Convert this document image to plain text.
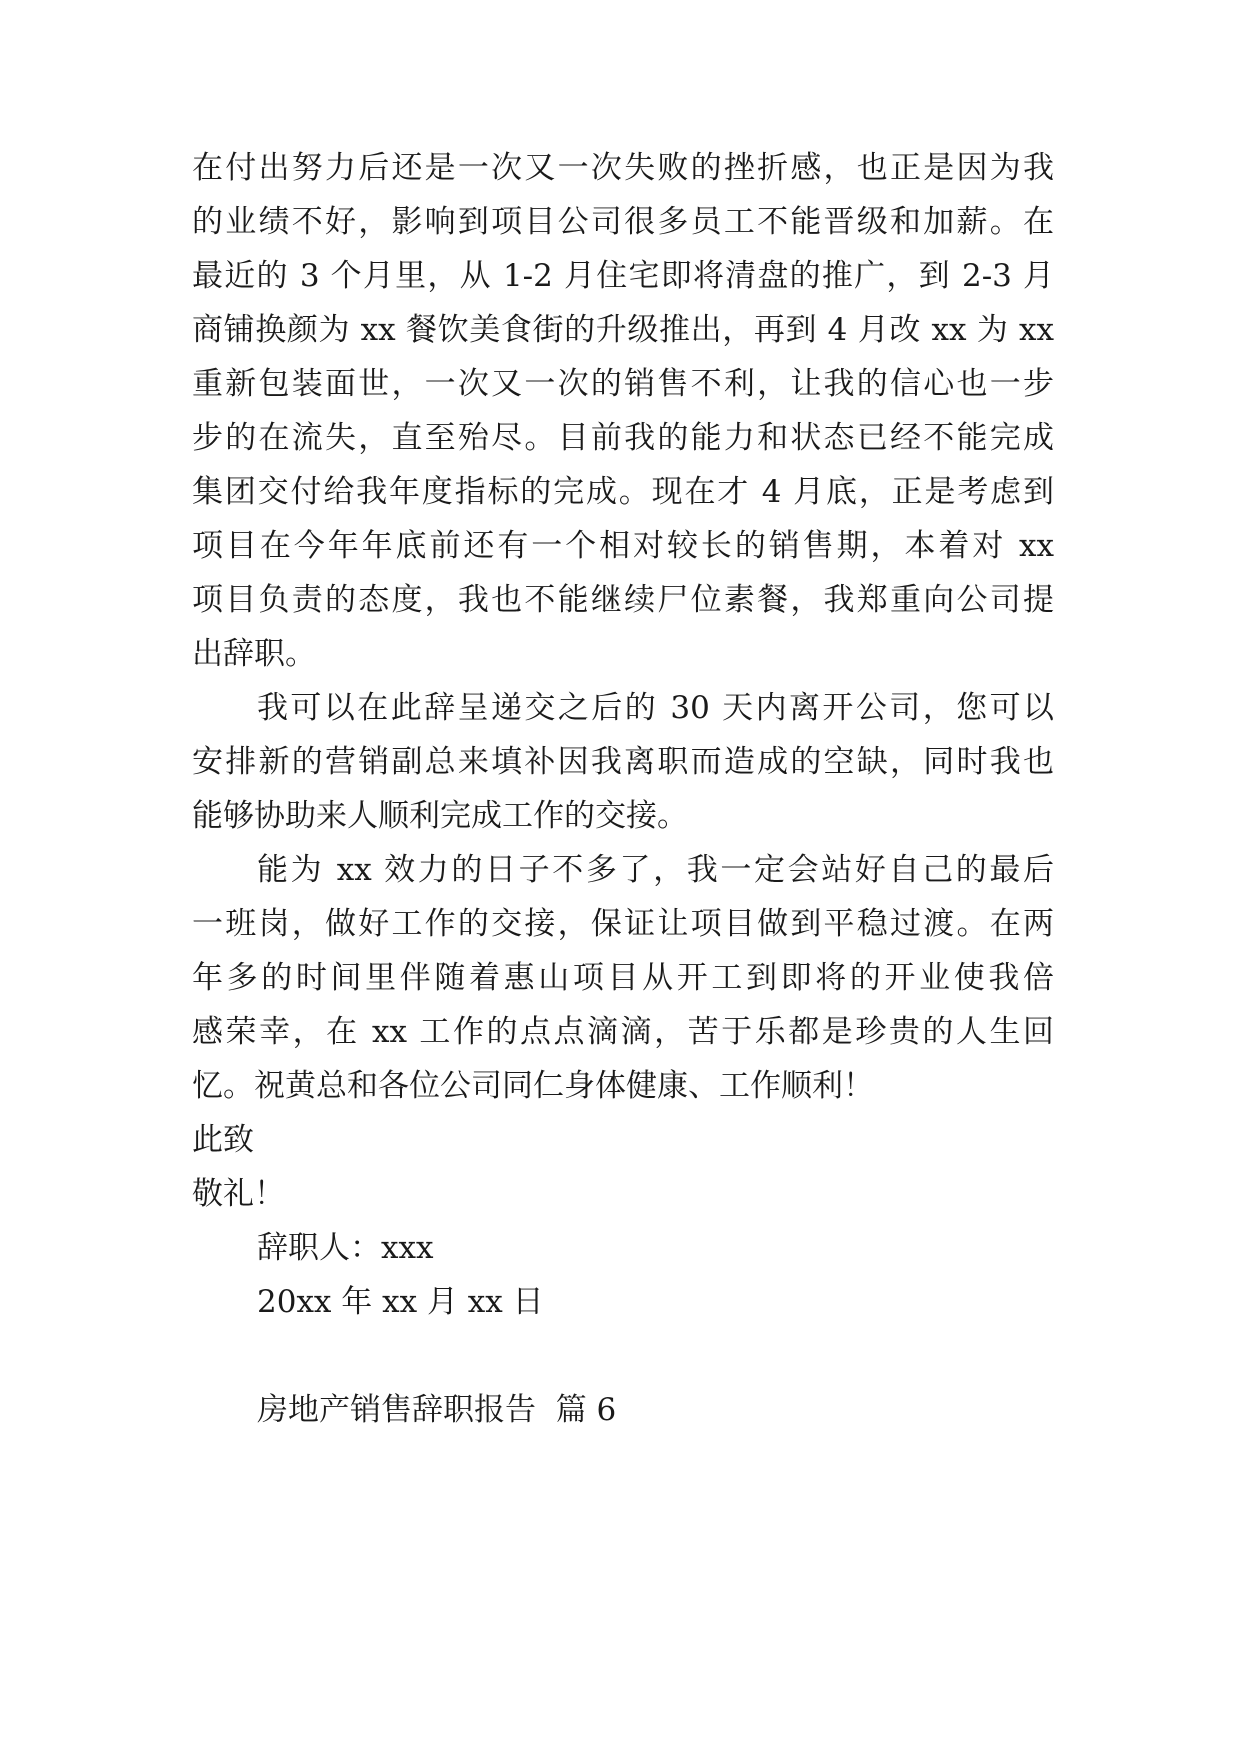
在付出努力后还是一次又一次失败的挫折感，也正是因为我
的业绩不好，影响到项目公司很多员工不能晋级和加薪。在
最近的 3 个月里，从 1-2 月住宅即将清盘的推广，到 2-3 月
商铺换颜为 xx 餐饮美食街的升级推出，再到 4 月改 xx 为 xx
重新包装面世，一次又一次的销售不利，让我的信心也一步
步的在流失，直至殆尽。目前我的能力和状态已经不能完成
集团交付给我年度指标的完成。现在才 4 月底，正是考虑到
项目在今年年底前还有一个相对较长的销售期，本着对 xx
项目负责的态度，我也不能继续尸位素餐，我郑重向公司提
出辞职。
我可以在此辞呈递交之后的 30 天内离开公司，您可以
安排新的营销副总来填补因我离职而造成的空缺，同时我也
能够协助来人顺利完成工作的交接。
能为 xx 效力的日子不多了，我一定会站好自己的最后
一班岗，做好工作的交接，保证让项目做到平稳过渡。在两
年多的时间里伴随着惠山项目从开工到即将的开业使我倍
感荣幸，在 xx 工作的点点滴滴，苦于乐都是珍贵的人生回
忆。祝黄总和各位公司同仁身体健康、工作顺利！
此致
敬礼！
辞职人：xxx
20xx 年 xx 月 xx 日
房地产销售辞职报告  篇 6
